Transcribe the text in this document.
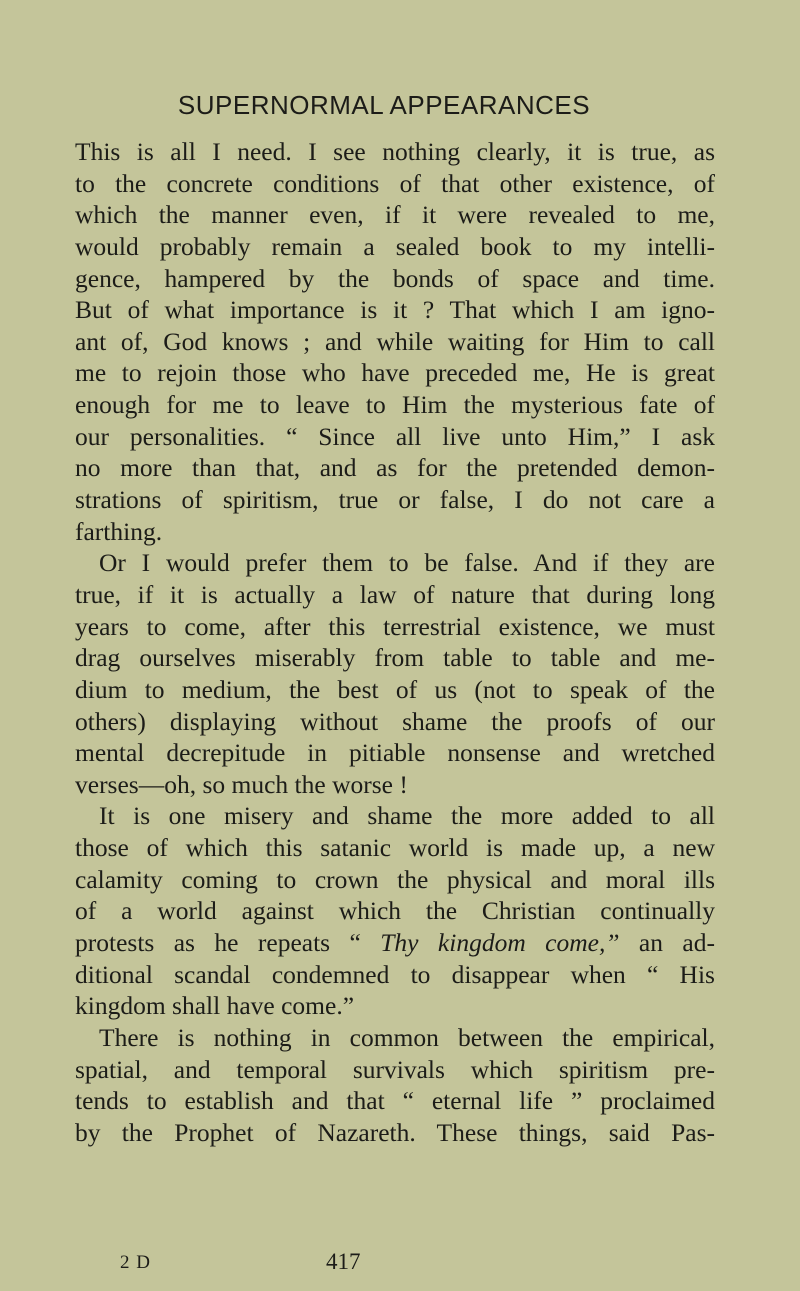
SUPERNORMAL APPEARANCES
This is all I need. I see nothing clearly, it is true, as
to the concrete conditions of that other existence, of
which the manner even, if it were revealed to me,
would probably remain a sealed book to my intelli-
gence, hampered by the bonds of space and time.
But of what importance is it ? That which I am igno-
ant of, God knows ; and while waiting for Him to call
me to rejoin those who have preceded me, He is great
enough for me to leave to Him the mysterious fate of
our personalities. “ Since all live unto Him,” I ask
no more than that, and as for the pretended demon-
strations of spiritism, true or false, I do not care a
farthing.
Or I would prefer them to be false. And if they are
true, if it is actually a law of nature that during long
years to come, after this terrestrial existence, we must
drag ourselves miserably from table to table and me-
dium to medium, the best of us (not to speak of the
others) displaying without shame the proofs of our
mental decrepitude in pitiable nonsense and wretched
verses—oh, so much the worse !
It is one misery and shame the more added to all
those of which this satanic world is made up, a new
calamity coming to crown the physical and moral ills
of a world against which the Christian continually
protests as he repeats “ Thy kingdom come,” an ad-
ditional scandal condemned to disappear when “ His
kingdom shall have come.”
There is nothing in common between the empirical,
spatial, and temporal survivals which spiritism pre-
tends to establish and that “ eternal life ” proclaimed
by the Prophet of Nazareth. These things, said Pas-
2 D	417
